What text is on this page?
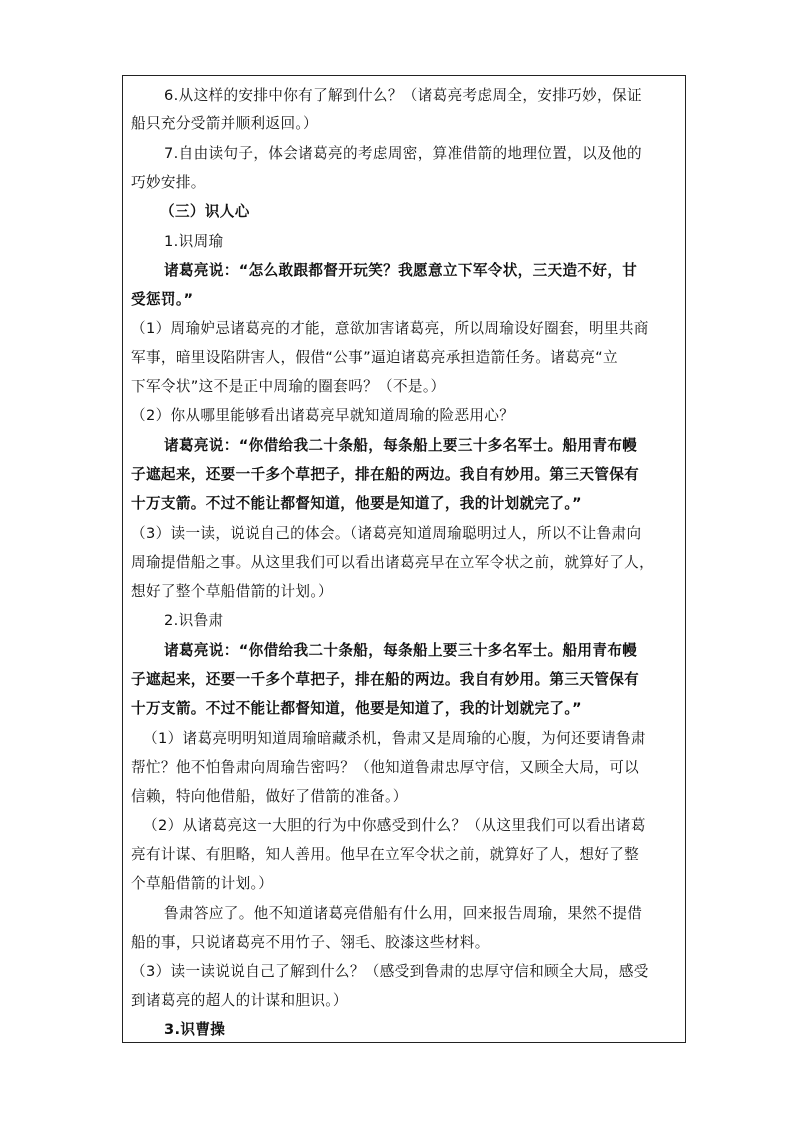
6.从这样的安排中你有了解到什么？（诸葛亮考虑周全，安排巧妙，保证
船只充分受箭并顺利返回。）
7.自由读句子，体会诸葛亮的考虑周密，算准借箭的地理位置，以及他的
巧妙安排。
（三）识人心
1.识周瑜
诸葛亮说：“怎么敢跟都督开玩笑？我愿意立下军令状，三天造不好，甘
受惩罚。”
（1）周瑜妒忌诸葛亮的才能，意欲加害诸葛亮，所以周瑜设好圈套，明里共商
军事，暗里设陷阱害人，假借“公事”逼迫诸葛亮承担造箭任务。诸葛亮“立
下军令状”这不是正中周瑜的圈套吗？（不是。）
（2）你从哪里能够看出诸葛亮早就知道周瑜的险恶用心？
诸葛亮说：“你借给我二十条船，每条船上要三十多名军士。船用青布幔
子遮起来，还要一千多个草把子，排在船的两边。我自有妙用。第三天管保有
十万支箭。不过不能让都督知道，他要是知道了，我的计划就完了。”
（3）读一读，说说自己的体会。（诸葛亮知道周瑜聪明过人，所以不让鲁肃向
周瑜提借船之事。从这里我们可以看出诸葛亮早在立军令状之前，就算好了人，
想好了整个草船借箭的计划。）
2.识鲁肃
诸葛亮说：“你借给我二十条船，每条船上要三十多名军士。船用青布幔
子遮起来，还要一千多个草把子，排在船的两边。我自有妙用。第三天管保有
十万支箭。不过不能让都督知道，他要是知道了，我的计划就完了。”
（1）诸葛亮明明知道周瑜暗藏杀机，鲁肃又是周瑜的心腹，为何还要请鲁肃
帮忙？他不怕鲁肃向周瑜告密吗？（他知道鲁肃忠厚守信，又顾全大局，可以
信赖，特向他借船，做好了借箭的准备。）
（2）从诸葛亮这一大胆的行为中你感受到什么？（从这里我们可以看出诸葛
亮有计谋、有胆略，知人善用。他早在立军令状之前，就算好了人，想好了整
个草船借箭的计划。）
鲁肃答应了。他不知道诸葛亮借船有什么用，回来报告周瑜，果然不提借
船的事，只说诸葛亮不用竹子、翎毛、胶漆这些材料。
（3）读一读说说自己了解到什么？（感受到鲁肃的忠厚守信和顾全大局，感受
到诸葛亮的超人的计谋和胆识。）
3.识曹操
